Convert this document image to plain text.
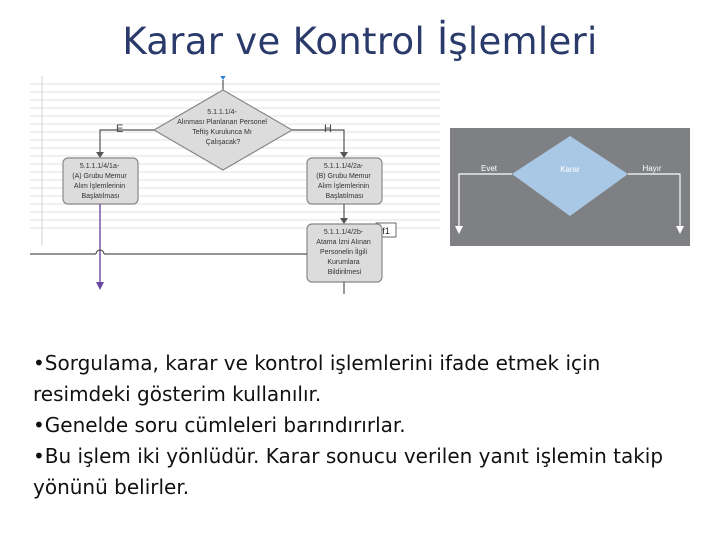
Karar ve Kontrol İşlemleri
5.1.1.1/4- Alınması Planlanan Personel Teftiş Kurulunca Mı Çalışacak?
E	H
5.1.1.1/4/1a- (A) Grubu Memur Alım İşlemlerinin Başlatılması
5.1.1.1/4/2a- (B) Grubu Memur Alım İşlemlerinin Başlatılması
f1
5.1.1.1/4/2b- Atama İzni Alınan Personelin İlgili Kurumlara Bildirilmesi
Karar
Evet	Hayır
•Sorgulama, karar ve kontrol işlemlerini ifade etmek için resimdeki gösterim kullanılır.
•Genelde soru cümleleri barındırırlar.
•Bu işlem iki yönlüdür. Karar sonucu verilen yanıt işlemin takip yönünü belirler.
